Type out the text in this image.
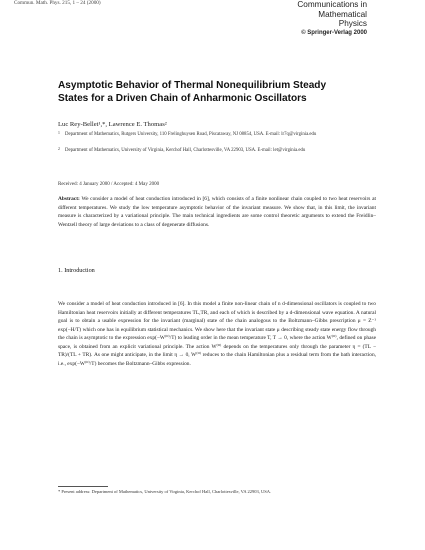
Commun. Math. Phys. 215, 1 – 24 (2000)	Communications in
Mathematical
Physics
© Springer-Verlag 2000
Asymptotic Behavior of Thermal Nonequilibrium Steady States for a Driven Chain of Anharmonic Oscillators
Luc Rey-Bellet¹,*, Lawrence E. Thomas²
1	Department of Mathematics, Rutgers University, 110 Frelinghuysen Road, Piscataway, NJ 08854, USA. E-mail: lr7q@virginia.edu
2	Department of Mathematics, University of Virginia, Kerchof Hall, Charlottesville, VA 22903, USA. E-mail: let@virginia.edu
Received: 4 January 2000 / Accepted: 4 May 2000
Abstract: We consider a model of heat conduction introduced in [6], which consists of a finite nonlinear chain coupled to two heat reservoirs at different temperatures. We study the low temperature asymptotic behavior of the invariant measure. We show that, in this limit, the invariant measure is characterized by a variational principle. The main technical ingredients are some control theoretic arguments to extend the Freidlin–Wentzell theory of large deviations to a class of degenerate diffusions.
1. Introduction
We consider a model of heat conduction introduced in [6]. In this model a finite non-linear chain of n d-dimensional oscillators is coupled to two Hamiltonian heat reservoirs initially at different temperatures TL,TR, and each of which is described by a d-dimensional wave equation. A natural goal is to obtain a usable expression for the invariant (marginal) state of the chain analogous to the Boltzmann–Gibbs prescription μ = Z⁻¹ exp(−H/T) which one has in equilibrium statistical mechanics. We show here that the invariant state μ describing steady state energy flow through the chain is asymptotic to the expression exp(−W⁽⁰⁾/T) to leading order in the mean temperature T, T → 0, where the action W⁽⁰⁾, defined on phase space, is obtained from an explicit variational principle. The action W⁽⁰⁾ depends on the temperatures only through the parameter η = (TL − TR)/(TL + TR). As one might anticipate, in the limit η → 0, W⁽⁰⁾ reduces to the chain Hamiltonian plus a residual term from the bath interaction, i.e., exp(−W⁽⁰⁾/T) becomes the Boltzmann–Gibbs expression.
* Present address: Department of Mathematics, University of Virginia, Kerchof Hall, Charlottesville, VA 22903, USA.
